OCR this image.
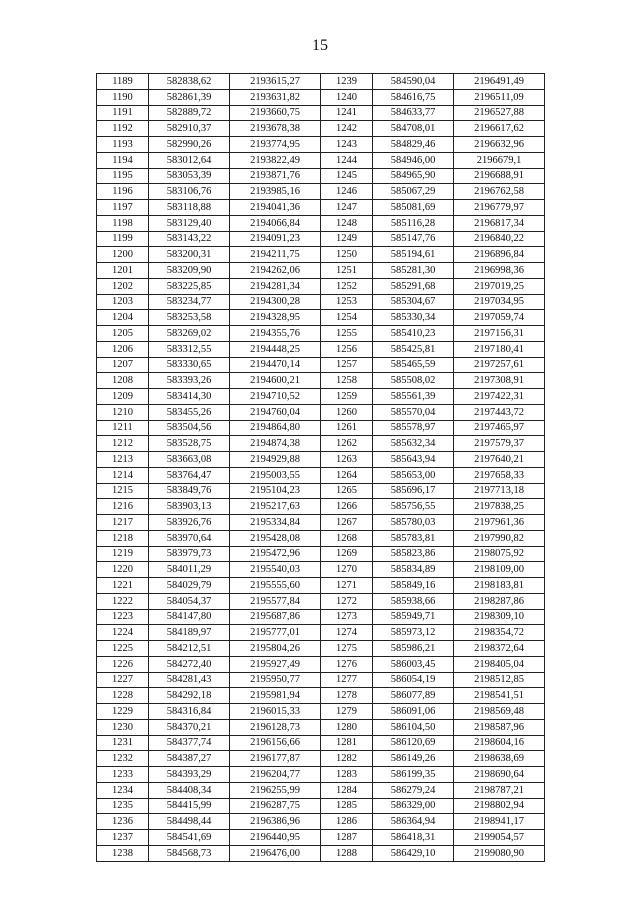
15
1189	582838,62	2193615,27	1239	584590,04	2196491,49
1190	582861,39	2193631,82	1240	584616,75	2196511,09
1191	582889,72	2193660,75	1241	584633,77	2196527,88
1192	582910,37	2193678,38	1242	584708,01	2196617,62
1193	582990,26	2193774,95	1243	584829,46	2196632,96
1194	583012,64	2193822,49	1244	584946,00	2196679,1
1195	583053,39	2193871,76	1245	584965,90	2196688,91
1196	583106,76	2193985,16	1246	585067,29	2196762,58
1197	583118,88	2194041,36	1247	585081,69	2196779,97
1198	583129,40	2194066,84	1248	585116,28	2196817,34
1199	583143,22	2194091,23	1249	585147,76	2196840,22
1200	583200,31	2194211,75	1250	585194,61	2196896,84
1201	583209,90	2194262,06	1251	585281,30	2196998,36
1202	583225,85	2194281,34	1252	585291,68	2197019,25
1203	583234,77	2194300,28	1253	585304,67	2197034,95
1204	583253,58	2194328,95	1254	585330,34	2197059,74
1205	583269,02	2194355,76	1255	585410,23	2197156,31
1206	583312,55	2194448,25	1256	585425,81	2197180,41
1207	583330,65	2194470,14	1257	585465,59	2197257,61
1208	583393,26	2194600,21	1258	585508,02	2197308,91
1209	583414,30	2194710,52	1259	585561,39	2197422,31
1210	583455,26	2194760,04	1260	585570,04	2197443,72
1211	583504,56	2194864,80	1261	585578,97	2197465,97
1212	583528,75	2194874,38	1262	585632,34	2197579,37
1213	583663,08	2194929,88	1263	585643,94	2197640,21
1214	583764,47	2195003,55	1264	585653,00	2197658,33
1215	583849,76	2195104,23	1265	585696,17	2197713,18
1216	583903,13	2195217,63	1266	585756,55	2197838,25
1217	583926,76	2195334,84	1267	585780,03	2197961,36
1218	583970,64	2195428,08	1268	585783,81	2197990,82
1219	583979,73	2195472,96	1269	585823,86	2198075,92
1220	584011,29	2195540,03	1270	585834,89	2198109,00
1221	584029,79	2195555,60	1271	585849,16	2198183,81
1222	584054,37	2195577,84	1272	585938,66	2198287,86
1223	584147,80	2195687,86	1273	585949,71	2198309,10
1224	584189,97	2195777,01	1274	585973,12	2198354,72
1225	584212,51	2195804,26	1275	585986,21	2198372,64
1226	584272,40	2195927,49	1276	586003,45	2198405,04
1227	584281,43	2195950,77	1277	586054,19	2198512,85
1228	584292,18	2195981,94	1278	586077,89	2198541,51
1229	584316,84	2196015,33	1279	586091,06	2198569,48
1230	584370,21	2196128,73	1280	586104,50	2198587,96
1231	584377,74	2196156,66	1281	586120,69	2198604,16
1232	584387,27	2196177,87	1282	586149,26	2198638,69
1233	584393,29	2196204,77	1283	586199,35	2198690,64
1234	584408,34	2196255,99	1284	586279,24	2198787,21
1235	584415,99	2196287,75	1285	586329,00	2198802,94
1236	584498,44	2196386,96	1286	586364,94	2198941,17
1237	584541,69	2196440,95	1287	586418,31	2199054,57
1238	584568,73	2196476,00	1288	586429,10	2199080,90
